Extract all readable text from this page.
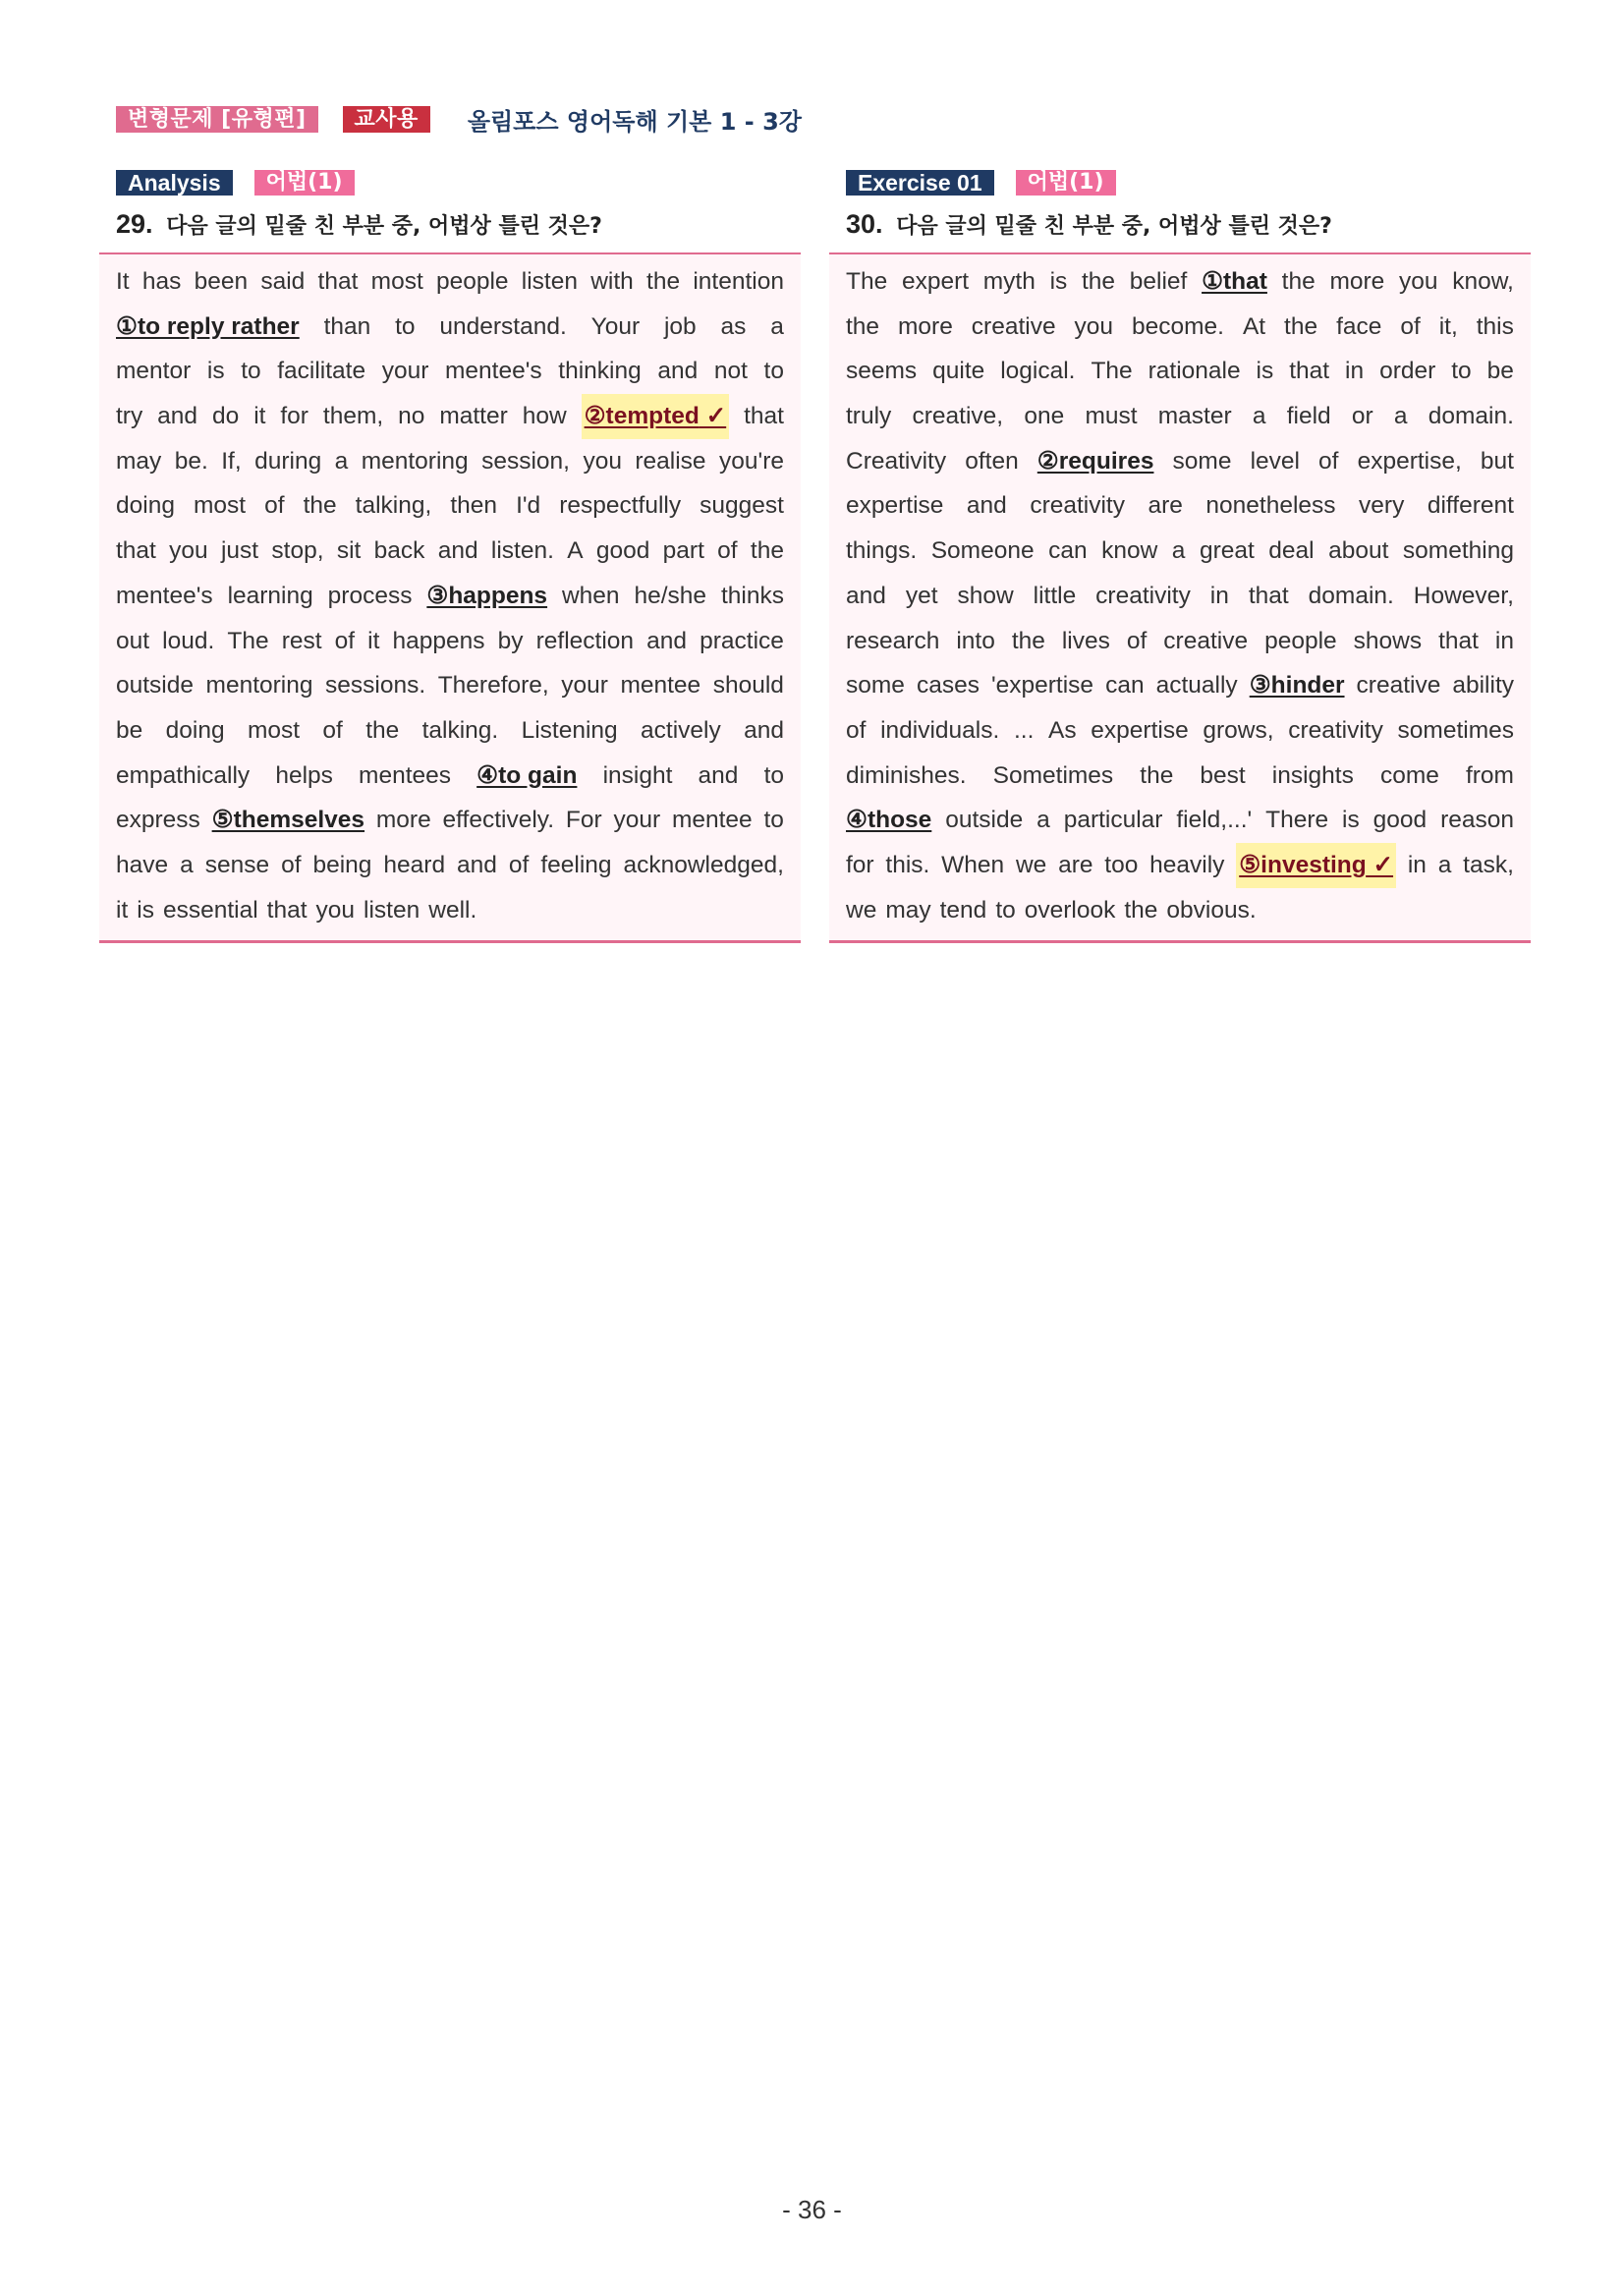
변형문제 [유형편]	교사용	올림포스 영어독해 기본 1 - 3강
Analysis	어법(1)
29. 다음 글의 밑줄 친 부분 중, 어법상 틀린 것은?
It has been said that most people listen with the intention
①to reply rather than to understand. Your job as a
mentor is to facilitate your mentee's thinking and not to
try and do it for them, no matter how ②tempted ✓ that
may be. If, during a mentoring session, you realise you're
doing most of the talking, then I'd respectfully suggest
that you just stop, sit back and listen. A good part of the
mentee's learning process ③happens when he/she thinks
out loud. The rest of it happens by reflection and practice
outside mentoring sessions. Therefore, your mentee should
be doing most of the talking. Listening actively and
empathically helps mentees ④to gain insight and to
express ⑤themselves more effectively. For your mentee to
have a sense of being heard and of feeling acknowledged,
it is essential that you listen well.
Exercise 01	어법(1)
30. 다음 글의 밑줄 친 부분 중, 어법상 틀린 것은?
The expert myth is the belief ①that the more you know,
the more creative you become. At the face of it, this
seems quite logical. The rationale is that in order to be
truly creative, one must master a field or a domain.
Creativity often ②requires some level of expertise, but
expertise and creativity are nonetheless very different
things. Someone can know a great deal about something
and yet show little creativity in that domain. However,
research into the lives of creative people shows that in
some cases 'expertise can actually ③hinder creative ability
of individuals. ... As expertise grows, creativity sometimes
diminishes. Sometimes the best insights come from
④those outside a particular field,...' There is good reason
for this. When we are too heavily ⑤investing ✓ in a task,
we may tend to overlook the obvious.
- 36 -
